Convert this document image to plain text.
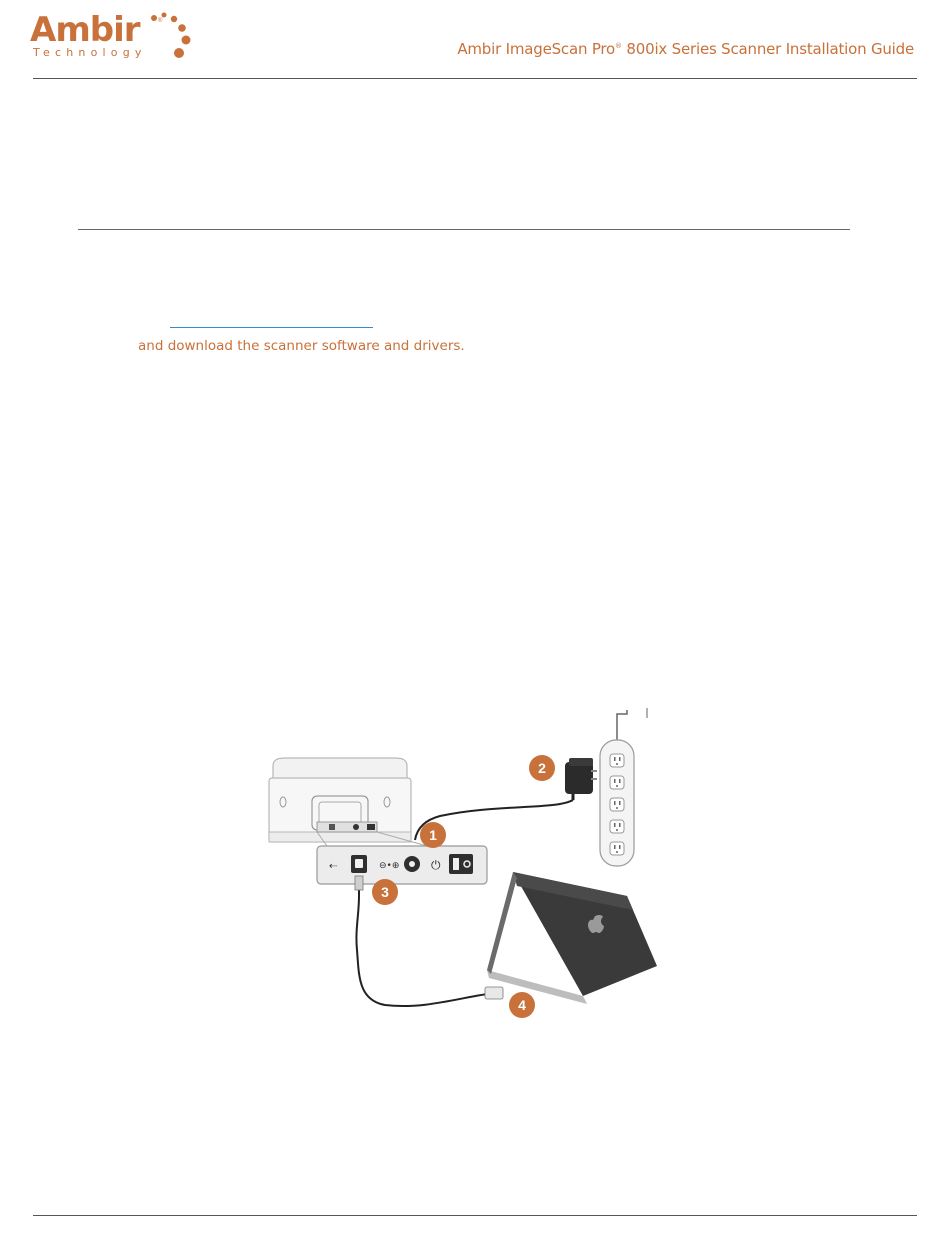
Ambir	®
Technology	Ambir ImageScan Pro® 800ix Series Scanner Installation Guide
and download the scanner software and drivers.
⇠	⊖•⊕	⏻
1
2
3
4
